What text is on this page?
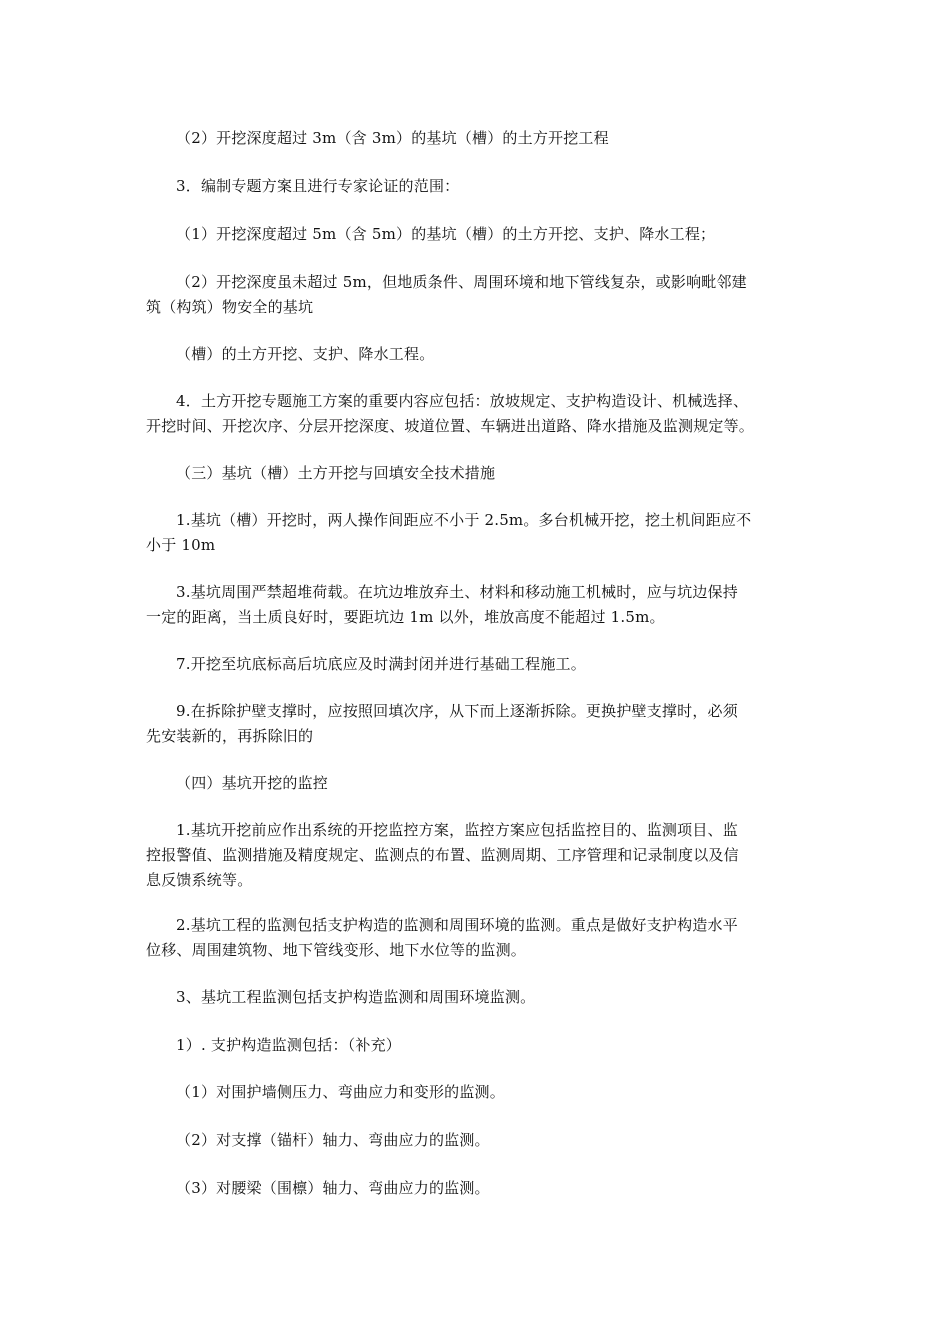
（2）开挖深度超过 3m（含 3m）的基坑（槽）的土方开挖工程

3．编制专题方案且进行专家论证的范围：

（1）开挖深度超过 5m（含 5m）的基坑（槽）的土方开挖、支护、降水工程；

（2）开挖深度虽未超过 5m，但地质条件、周围环境和地下管线复杂，或影响毗邻建
筑（构筑）物安全的基坑

（槽）的土方开挖、支护、降水工程。

4．土方开挖专题施工方案的重要内容应包括：放坡规定、支护构造设计、机械选择、
开挖时间、开挖次序、分层开挖深度、坡道位置、车辆进出道路、降水措施及监测规定等。

（三）基坑（槽）土方开挖与回填安全技术措施

1.基坑（槽）开挖时，两人操作间距应不小于 2.5m。多台机械开挖，挖土机间距应不
小于 10m

3.基坑周围严禁超堆荷载。在坑边堆放弃土、材料和移动施工机械时，应与坑边保持
一定的距离，当土质良好时，要距坑边 1m 以外，堆放高度不能超过 1.5m。

7.开挖至坑底标高后坑底应及时满封闭并进行基础工程施工。

9.在拆除护壁支撑时，应按照回填次序，从下而上逐渐拆除。更换护壁支撑时，必须
先安装新的，再拆除旧的

（四）基坑开挖的监控

1.基坑开挖前应作出系统的开挖监控方案，监控方案应包括监控目的、监测项目、监
控报警值、监测措施及精度规定、监测点的布置、监测周期、工序管理和记录制度以及信
息反馈系统等。

2.基坑工程的监测包括支护构造的监测和周围环境的监测。重点是做好支护构造水平
位移、周围建筑物、地下管线变形、地下水位等的监测。

3、基坑工程监测包括支护构造监测和周围环境监测。

1）. 支护构造监测包括：（补充）

（1）对围护墙侧压力、弯曲应力和变形的监测。

（2）对支撑（锚杆）轴力、弯曲应力的监测。

（3）对腰梁（围檩）轴力、弯曲应力的监测。
